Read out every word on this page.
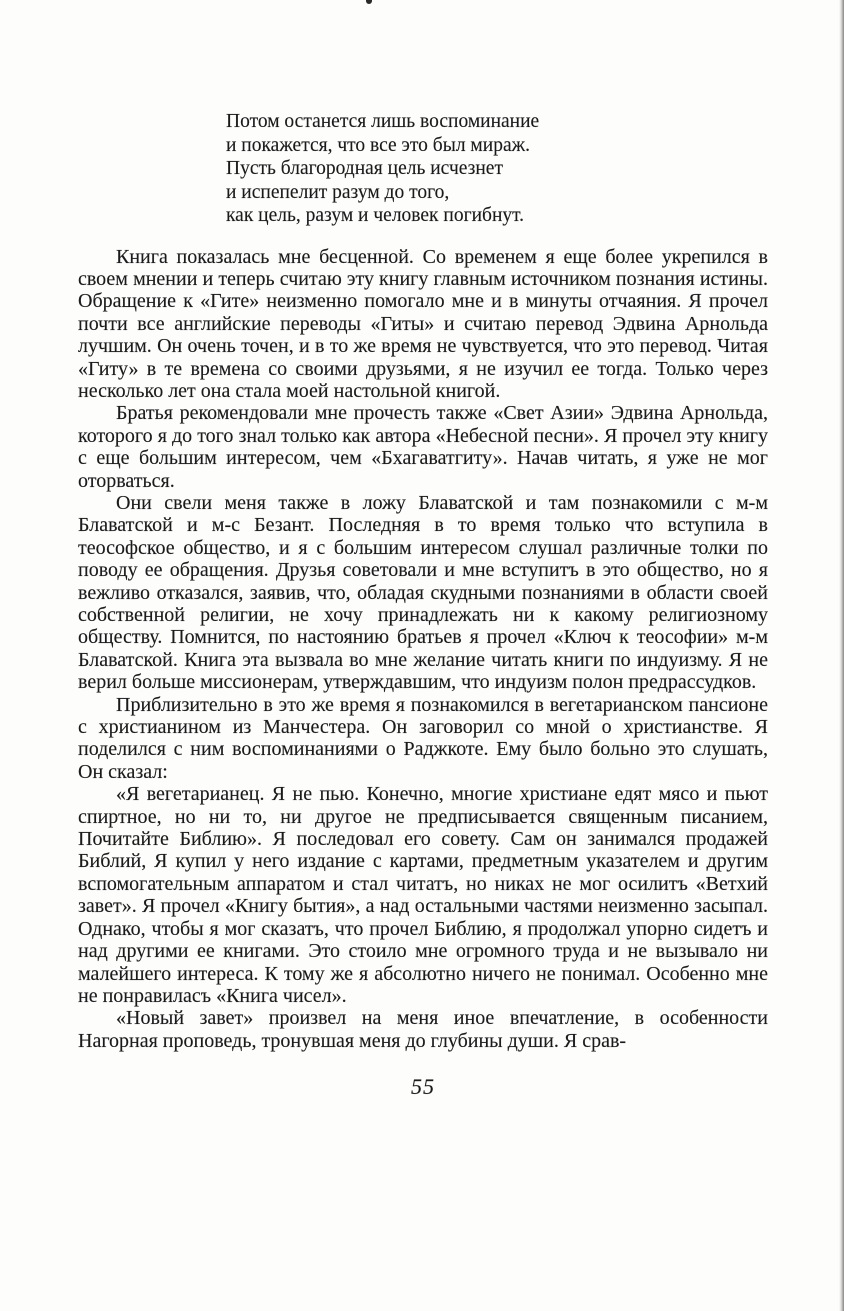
Потом останется лишь воспоминание
и покажется, что все это был мираж.
Пусть благородная цель исчезнет
и испепелит разум до того,
как цель, разум и человек погибнут.

Книга показалась мне бесценной. Со временем я еще более укрепился в своем мнении и теперь считаю эту книгу главным источником познания истины. Обращение к «Гите» неизменно помогало мне и в минуты отчаяния. Я прочел почти все английские переводы «Гиты» и считаю перевод Эдвина Арнольда лучшим. Он очень точен, и в то же время не чувствуется, что это перевод. Читая «Гиту» в те времена со своими друзьями, я не изучил ее тогда. Только через несколько лет она стала моей настольной книгой.

Братья рекомендовали мне прочесть также «Свет Азии» Эдвина Арнольда, которого я до того знал только как автора «Небесной песни». Я прочел эту книгу с еще большим интересом, чем «Бхагаватгиту». Начав читать, я уже не мог оторваться.

Они свели меня также в ложу Блаватской и там познакомили с м-м Блаватской и м-с Безант. Последняя в то время только что вступила в теософское общество, и я с большим интересом слушал различные толки по поводу ее обращения. Друзья советовали и мне вступитъ в это общество, но я вежливо отказался, заявив, что, обладая скудными познаниями в области своей собственной религии, не хочу принадлежать ни к какому религиозному обществу. Помнится, по настоянию братьев я прочел «Ключ к теософии» м-м Блаватской. Книга эта вызвала во мне желание читать книги по индуизму. Я не верил больше миссионерам, утверждавшим, что индуизм полон предрассудков.

Приблизительно в это же время я познакомился в вегетарианском пансионе с христианином из Манчестера. Он заговорил со мной о христианстве. Я поделился с ним воспоминаниями о Раджкоте. Ему было больно это слушать, Он сказал:

«Я вегетарианец. Я не пью. Конечно, многие христиане едят мясо и пьют спиртное, но ни то, ни другое не предписывается священным писанием, Почитайте Библию». Я последовал его совету. Сам он занимался продажей Библий, Я купил у него издание с картами, предметным указателем и другим вспомогательным аппаратом и стал читатъ, но никах не мог осилитъ «Ветхий завет». Я прочел «Книгу бытия», а над остальными частями неизменно засыпал. Однако, чтобы я мог сказатъ, что прочел Библию, я продолжал упорно сидетъ и над другими ее книгами. Это стоило мне огромного труда и не вызывало ни малейшего интереса. К тому же я абсолютно ничего не понимал. Особенно мне не понравиласъ «Книга чисел».

«Новый завет» произвел на меня иное впечатление, в особенности Нагорная проповедь, тронувшая меня до глубины души. Я срав-

55
